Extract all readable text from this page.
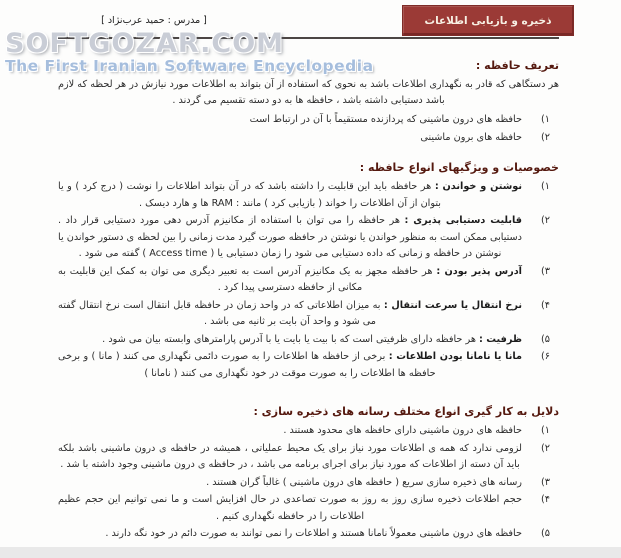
ذخیره و بازیابی اطلاعات
[ مدرس : حمید عرب‌نژاد ]
SOFTGOZAR.COM
The First Iranian Software Encyclopedia	تعریف حافظه :
هر دستگاهی که قادر به نگهداری اطلاعات باشد به نحوی که استفاده از آن بتواند به اطلاعات مورد نیازش در هر لحظه که لازم باشد دستیابی داشته باشد ، حافظه ها به دو دسته تقسیم می گردند .
۱)
حافظه های درون ماشینی که پردازنده مستقیماً با آن در ارتباط است
۲)
حافظه های برون ماشینی
خصوصیات و ویژگیهای انواع حافظه :
۱)
نوشتن و خواندن : هر حافظه باید این قابلیت را داشته باشد که در آن بتواند اطلاعات را نوشت ( درج کرد ) و یا بتوان از آن اطلاعات را خواند ( بازیابی کرد ) مانند : RAM ها و هارد دیسک .
۲)
قابلیت دستیابی پذیری : هر حافظه را می توان با استفاده از مکانیزم آدرس دهی مورد دستیابی قرار داد . دستیابی ممکن است به منظور خواندن یا نوشتن در حافظه صورت گیرد مدت زمانی را بین لحظه ی دستور خواندن یا نوشتن در حافظه و زمانی که داده دستیابی می شود را زمان دستیابی یا ( Access time ) گفته می شود .
۳)
آدرس پذیر بودن : هر حافظه مجهز به یک مکانیزم آدرس است به تعبیر دیگری می توان به کمک این قابلیت به مکانی از حافظه دسترسی پیدا کرد .
۴)
نرخ انتقال یا سرعت انتقال : به میزان اطلاعاتی که در واحد زمان در حافظه قابل انتقال است نرخ انتقال گفته می شود و واحد آن بایت بر ثانیه می باشد .
۵)
ظرفیت : هر حافظه دارای ظرفیتی است که با بیت یا بایت یا با آدرس پارامترهای وابسته بیان می شود .
۶)
مانا یا نامانا بودن اطلاعات : برخی از حافظه ها اطلاعات را به صورت دائمی نگهداری می کنند ( مانا ) و برخی حافظه ها اطلاعات را به صورت موقت در خود نگهداری می کنند ( نامانا )
دلایل به کار گیری انواع مختلف رسانه های ذخیره سازی :
۱)
حافظه های درون ماشینی دارای حافظه های محدود هستند .
۲)
لزومی ندارد که همه ی اطلاعات مورد نیاز برای یک محیط عملیاتی ، همیشه در حافظه ی درون ماشینی باشد بلکه باید آن دسته از اطلاعات که مورد نیاز برای اجرای برنامه می باشد ، در حافظه ی درون ماشینی وجود داشته با شد .
۳)
رسانه های ذخیره سازی سریع ( حافظه های درون ماشینی ) غالباً گران هستند .
۴)
حجم اطلاعات ذخیره سازی روز به روز به صورت تصاعدی در حال افزایش است و ما نمی توانیم این حجم عظیم اطلاعات را در حافظه نگهداری کنیم .
۵)
حافظه های درون ماشینی معمولاً نامانا هستند و اطلاعات را نمی توانند به صورت دائم در خود نگه دارند .
